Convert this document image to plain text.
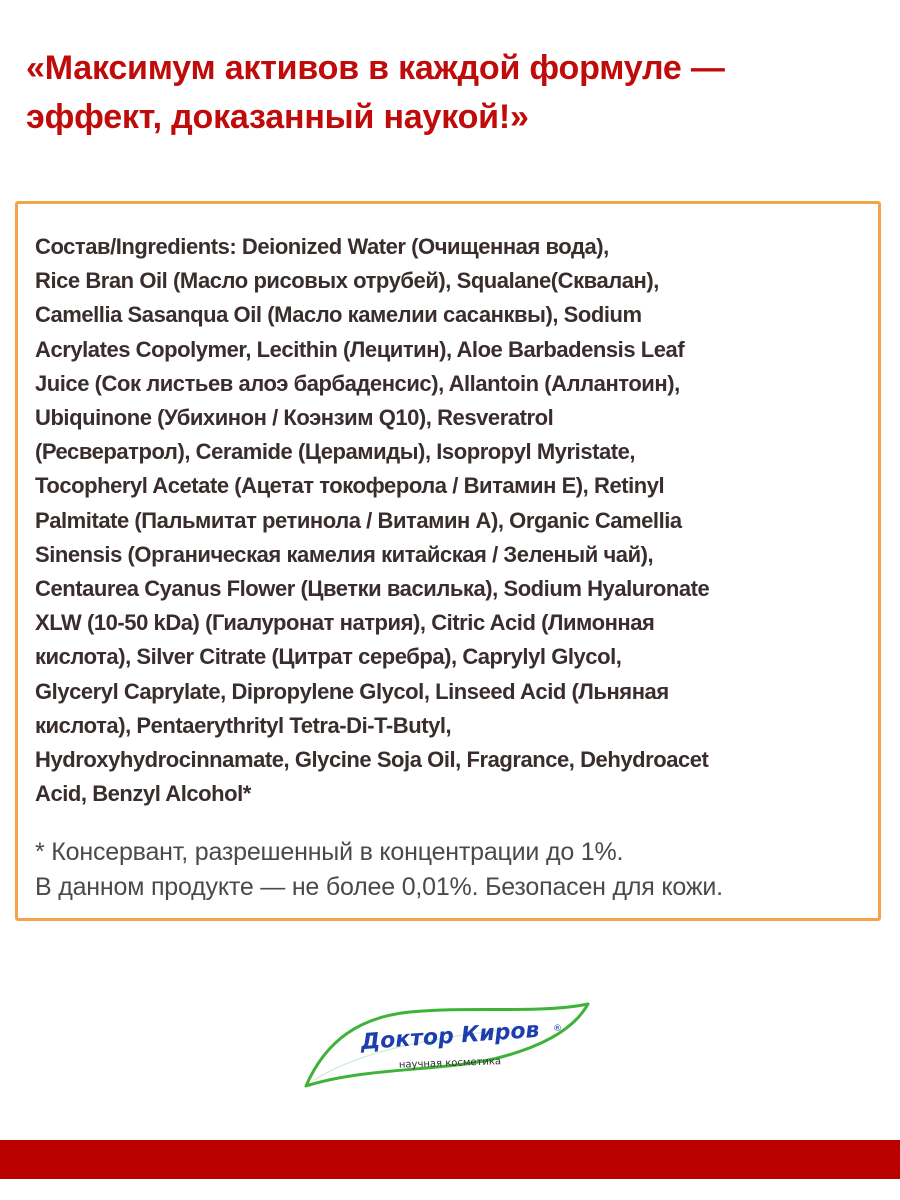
«Максимум активов в каждой формуле —
эффект, доказанный наукой!»

Состав/Ingredients: Deionized Water (Очищенная вода),
Rice Bran Oil (Масло рисовых отрубей), Squalane(Сквалан),
Camellia Sasanqua Oil (Масло камелии сасанквы), Sodium
Acrylates Copolymer, Lecithin (Лецитин), Aloe Barbadensis Leaf
Juice (Сок листьев алоэ барбаденсис), Allantoin (Аллантоин),
Ubiquinone (Убихинон / Коэнзим Q10), Resveratrol
(Ресвератрол), Ceramide (Церамиды), Isopropyl Myristate,
Tocopheryl Acetate (Ацетат токоферола / Витамин Е), Retinyl
Palmitate (Пальмитат ретинола / Витамин А), Organic Camellia
Sinensis (Органическая камелия китайская / Зеленый чай),
Centaurea Cyanus Flower (Цветки василька), Sodium Hyaluronate
XLW (10-50 kDa) (Гиалуронат натрия), Citric Acid (Лимонная
кислота), Silver Citrate (Цитрат серебра), Caprylyl Glycol,
Glyceryl Caprylate, Dipropylene Glycol, Linseed Acid (Льняная
кислота), Pentaerythrityl Tetra-Di-T-Butyl,
Hydroxyhydrocinnamate, Glycine Soja Oil, Fragrance, Dehydroacet
Acid, Benzyl Alcohol*

* Консервант, разрешенный в концентрации до 1%.
В данном продукте — не более 0,01%. Безопасен для кожи.

Доктор Киров	®
научная косметика
